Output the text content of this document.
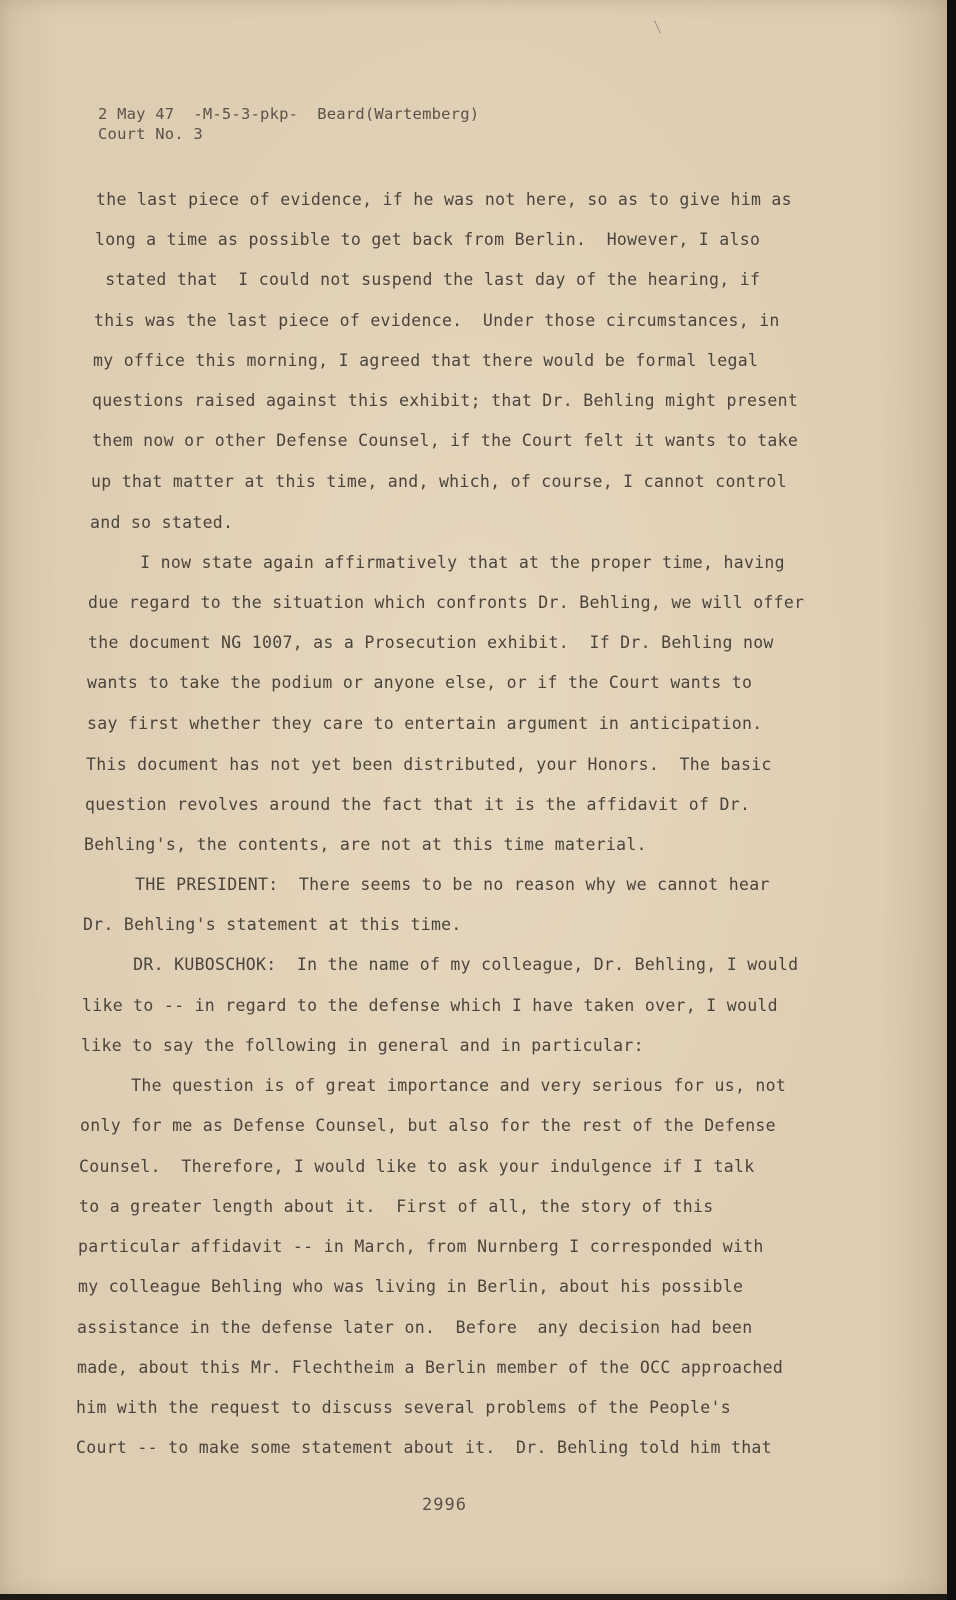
2 May 47  -M-5-3-pkp-  Beard(Wartemberg)
Court No. 3
the last piece of evidence, if he was not here, so as to give him as
long a time as possible to get back from Berlin.  However, I also
stated that  I could not suspend the last day of the hearing, if
this was the last piece of evidence.  Under those circumstances, in
my office this morning, I agreed that there would be formal legal
questions raised against this exhibit; that Dr. Behling might present
them now or other Defense Counsel, if the Court felt it wants to take
up that matter at this time, and, which, of course, I cannot control
and so stated.
I now state again affirmatively that at the proper time, having
due regard to the situation which confronts Dr. Behling, we will offer
the document NG 1007, as a Prosecution exhibit.  If Dr. Behling now
wants to take the podium or anyone else, or if the Court wants to
say first whether they care to entertain argument in anticipation.
This document has not yet been distributed, your Honors.  The basic
question revolves around the fact that it is the affidavit of Dr.
Behling's, the contents, are not at this time material.
THE PRESIDENT:  There seems to be no reason why we cannot hear
Dr. Behling's statement at this time.
DR. KUBOSCHOK:  In the name of my colleague, Dr. Behling, I would
like to -- in regard to the defense which I have taken over, I would
like to say the following in general and in particular:
The question is of great importance and very serious for us, not
only for me as Defense Counsel, but also for the rest of the Defense
Counsel.  Therefore, I would like to ask your indulgence if I talk
to a greater length about it.  First of all, the story of this
particular affidavit -- in March, from Nurnberg I corresponded with
my colleague Behling who was living in Berlin, about his possible
assistance in the defense later on.  Before  any decision had been
made, about this Mr. Flechtheim a Berlin member of the OCC approached
him with the request to discuss several problems of the People's
Court -- to make some statement about it.  Dr. Behling told him that
2996
